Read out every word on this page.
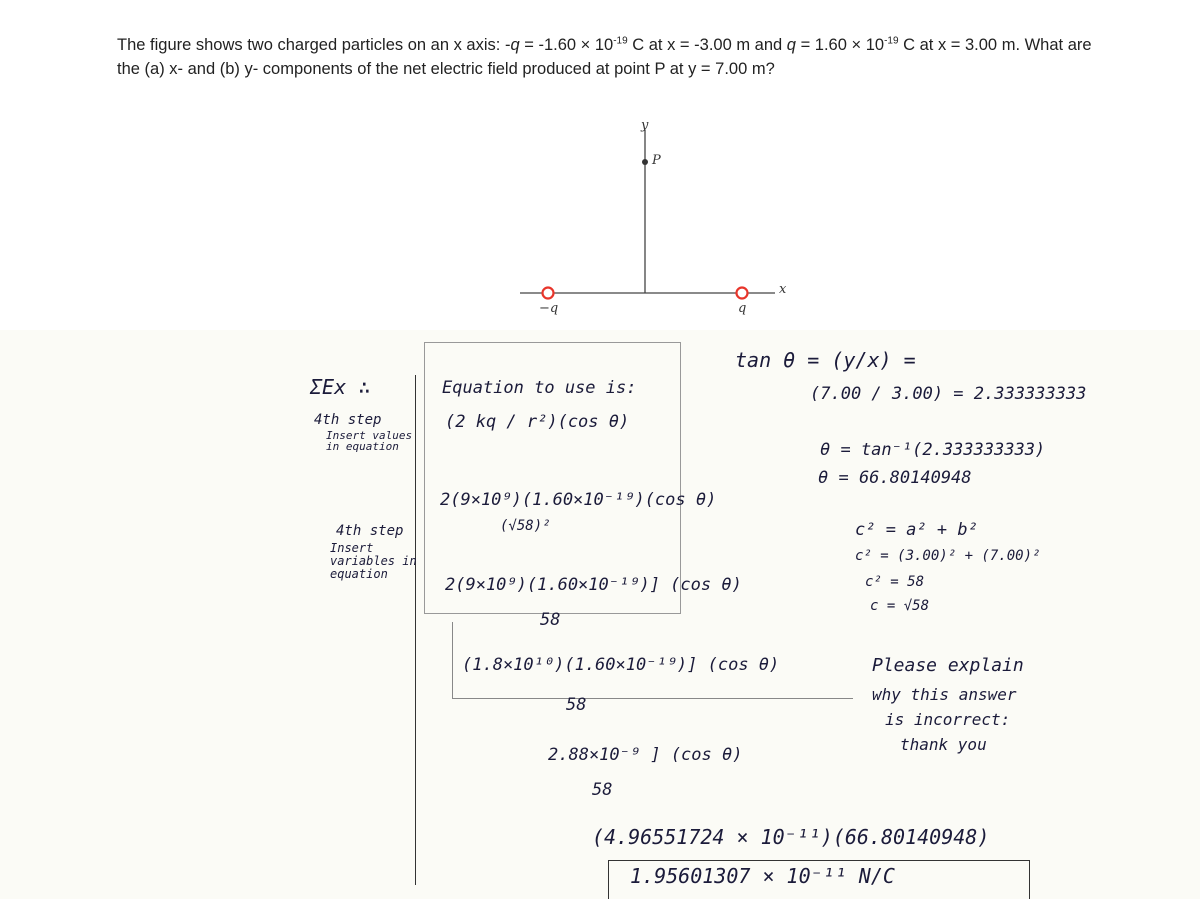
The figure shows two charged particles on an x axis: $-q = -1.60 \times 10^{-19}$ C at x = -3.00 m and $q = 1.60 \times 10^{-19}$ C at x = 3.00 m. What are
the (a) x- and (b) y- components of the net electric field produced at point P at y = 7.00 m?
y
P
x
−q	q
ΣEx ∴	Equation to use is:
4th step
Insert values in equation
(2 kq / r²)(cos θ)
tan θ = (y/x) =
(7.00 / 3.00) = 2.333333333
θ = tan⁻¹(2.333333333)
θ = 66.80140948
2(9×10⁹)(1.60×10⁻¹⁹)(cos θ)
(√58)²
4th step
Insert variables in equation
2(9×10⁹)(1.60×10⁻¹⁹)] (cos θ)
58
c² = a² + b²
c² = (3.00)² + (7.00)²
c² = 58
c = √58
(1.8×10¹⁰)(1.60×10⁻¹⁹)] (cos θ)
58
Please explain
why this answer
is incorrect:
thank you
2.88×10⁻⁹ ] (cos θ)
58
(4.96551724 × 10⁻¹¹)(66.80140948)
1.95601307 × 10⁻¹¹ N/C
